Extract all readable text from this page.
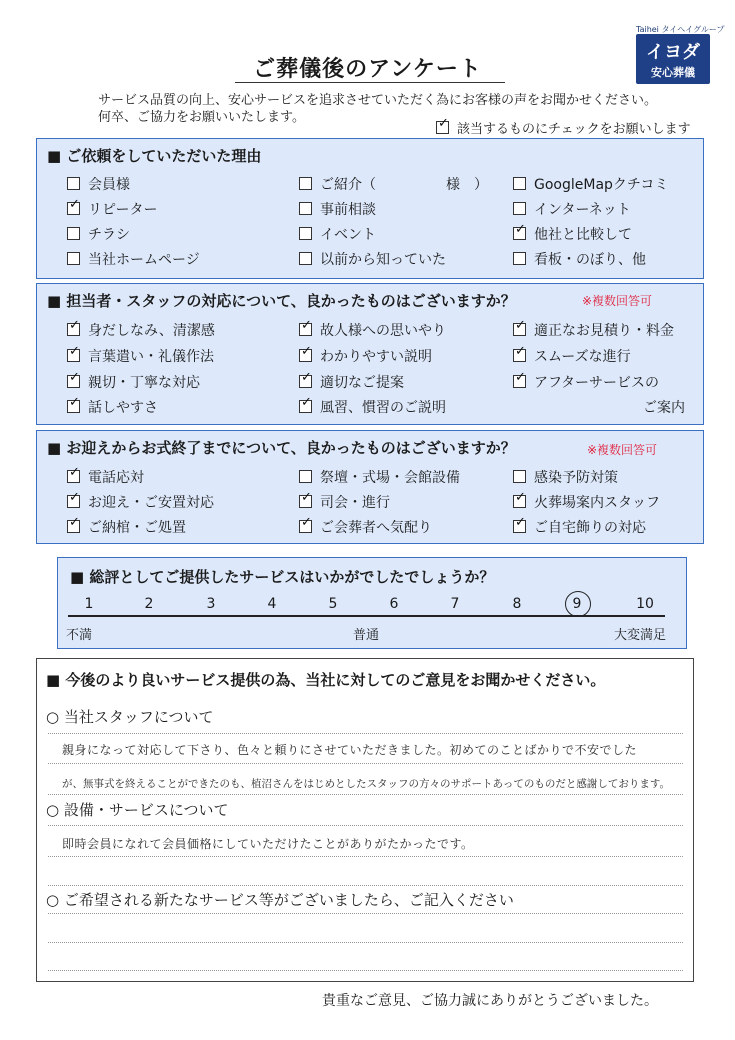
ご葬儀後のアンケート
Taihei タイヘイグループ
イヨダ
安心葬儀
サービス品質の向上、安心サービスを追求させていただく為にお客様の声をお聞かせください。
何卒、ご協力をお願いいたします。
✓該当するものにチェックをお願いします
■ ご依頼をしていただいた理由
会員様
✓リピーター
チラシ
当社ホームページ
ご紹介（　　　　　様　）
事前相談
イベント
以前から知っていた
GoogleMapクチコミ
インターネット
✓他社と比較して
看板・のぼり、他
■ 担当者・スタッフの対応について、良かったものはございますか？	※複数回答可
✓身だしなみ、清潔感
✓言葉遣い・礼儀作法
✓親切・丁寧な対応
✓話しやすさ
✓故人様への思いやり
✓わかりやすい説明
✓適切なご提案
✓風習、慣習のご説明
✓適正なお見積り・料金
✓スムーズな進行
✓アフターサービスの
ご案内
■ お迎えからお式終了までについて、良かったものはございますか？	※複数回答可
✓電話応対
✓お迎え・ご安置対応
✓ご納棺・ご処置
祭壇・式場・会館設備
✓司会・進行
✓ご会葬者へ気配り
感染予防対策
✓火葬場案内スタッフ
✓ご自宅飾りの対応
■ 総評としてご提供したサービスはいかがでしたでしょうか？
1	2	3	4	5	6	7	8	9	10
不満	普通	大変満足
■ 今後のより良いサービス提供の為、当社に対してのご意見をお聞かせください。
○ 当社スタッフについて
親身になって対応して下さり、色々と頼りにさせていただきました。初めてのことばかりで不安でした
が、無事式を終えることができたのも、植沼さんをはじめとしたスタッフの方々のサポートあってのものだと感謝しております。
○ 設備・サービスについて
即時会員になれて会員価格にしていただけたことがありがたかったです。
○ ご希望される新たなサービス等がございましたら、ご記入ください
貴重なご意見、ご協力誠にありがとうございました。
